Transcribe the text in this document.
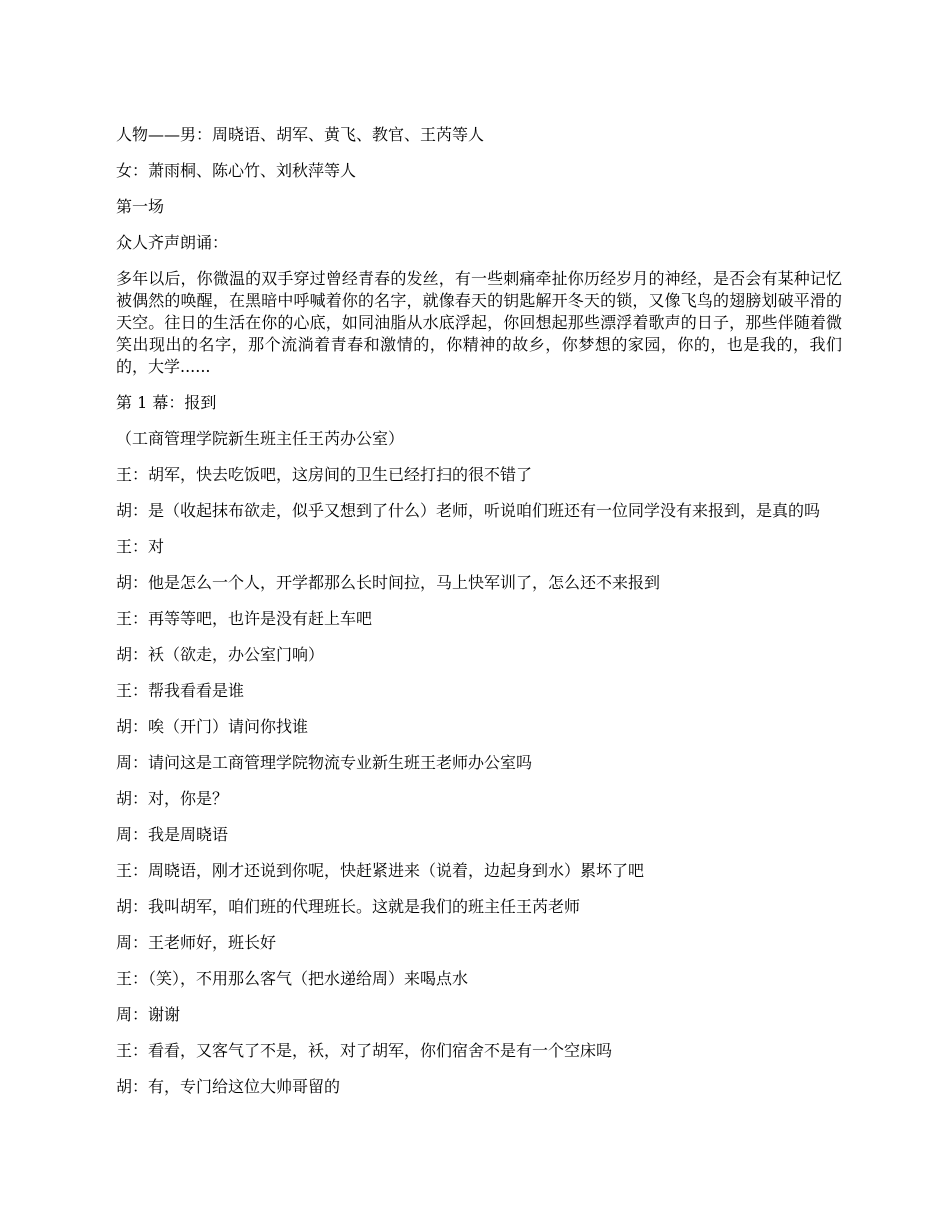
人物——男：周晓语、胡军、黄飞、教官、王芮等人

女：萧雨桐、陈心竹、刘秋萍等人

第一场

众人齐声朗诵：

多年以后，你微温的双手穿过曾经青春的发丝，有一些刺痛牵扯你历经岁月的神经，是否会有某种记忆被偶然的唤醒，在黑暗中呼喊着你的名字，就像春天的钥匙解开冬天的锁，又像飞鸟的翅膀划破平滑的天空。往日的生活在你的心底，如同油脂从水底浮起，你回想起那些漂浮着歌声的日子，那些伴随着微笑出现出的名字，那个流淌着青春和激情的，你精神的故乡，你梦想的家园，你的，也是我的，我们的，大学......

第 1 幕：报到

（工商管理学院新生班主任王芮办公室）

王：胡军，快去吃饭吧，这房间的卫生已经打扫的很不错了

胡：是（收起抹布欲走，似乎又想到了什么）老师，听说咱们班还有一位同学没有来报到，是真的吗

王：对

胡：他是怎么一个人，开学都那么长时间拉，马上快军训了，怎么还不来报到

王：再等等吧，也许是没有赶上车吧

胡：袄（欲走，办公室门响）

王：帮我看看是谁

胡：唉（开门）请问你找谁

周：请问这是工商管理学院物流专业新生班王老师办公室吗

胡：对，你是？

周：我是周晓语

王：周晓语，刚才还说到你呢，快赶紧进来（说着，边起身到水）累坏了吧

胡：我叫胡军，咱们班的代理班长。这就是我们的班主任王芮老师

周：王老师好，班长好

王：（笑），不用那么客气（把水递给周）来喝点水

周：谢谢

王：看看，又客气了不是，袄，对了胡军，你们宿舍不是有一个空床吗

胡：有，专门给这位大帅哥留的
